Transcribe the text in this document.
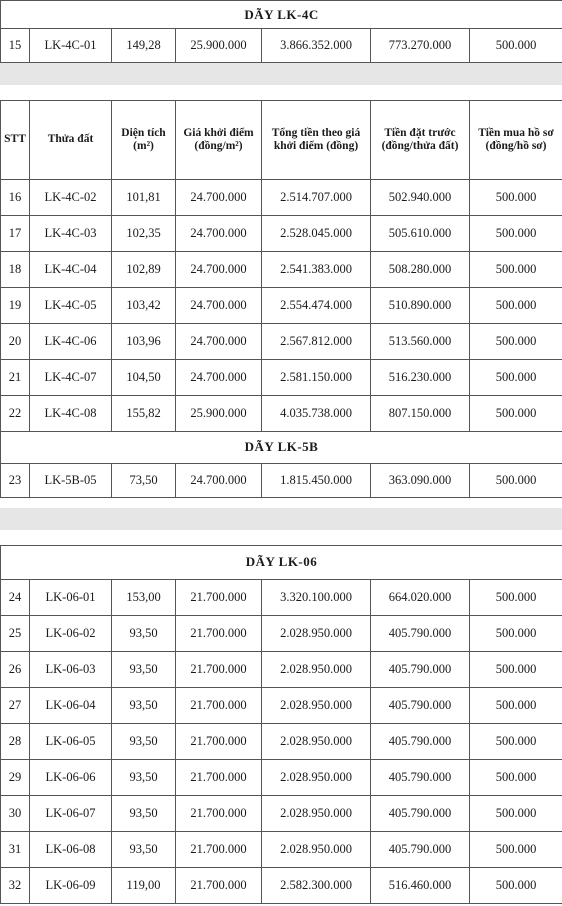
DÃY LK-4C
15	LK-4C-01	149,28	25.900.000	3.866.352.000	773.270.000	500.000

STT	Thửa đất	Diện tích (m²)	Giá khởi điểm (đồng/m²)	Tổng tiền theo giá khởi điểm (đồng)	Tiền đặt trước (đồng/thửa đất)	Tiền mua hồ sơ (đồng/hồ sơ)
16	LK-4C-02	101,81	24.700.000	2.514.707.000	502.940.000	500.000
17	LK-4C-03	102,35	24.700.000	2.528.045.000	505.610.000	500.000
18	LK-4C-04	102,89	24.700.000	2.541.383.000	508.280.000	500.000
19	LK-4C-05	103,42	24.700.000	2.554.474.000	510.890.000	500.000
20	LK-4C-06	103,96	24.700.000	2.567.812.000	513.560.000	500.000
21	LK-4C-07	104,50	24.700.000	2.581.150.000	516.230.000	500.000
22	LK-4C-08	155,82	25.900.000	4.035.738.000	807.150.000	500.000
DÃY LK-5B						
23	LK-5B-05	73,50	24.700.000	1.815.450.000	363.090.000	500.000

DÃY LK-06						
24	LK-06-01	153,00	21.700.000	3.320.100.000	664.020.000	500.000
25	LK-06-02	93,50	21.700.000	2.028.950.000	405.790.000	500.000
26	LK-06-03	93,50	21.700.000	2.028.950.000	405.790.000	500.000
27	LK-06-04	93,50	21.700.000	2.028.950.000	405.790.000	500.000
28	LK-06-05	93,50	21.700.000	2.028.950.000	405.790.000	500.000
29	LK-06-06	93,50	21.700.000	2.028.950.000	405.790.000	500.000
30	LK-06-07	93,50	21.700.000	2.028.950.000	405.790.000	500.000
31	LK-06-08	93,50	21.700.000	2.028.950.000	405.790.000	500.000
32	LK-06-09	119,00	21.700.000	2.582.300.000	516.460.000	500.000
